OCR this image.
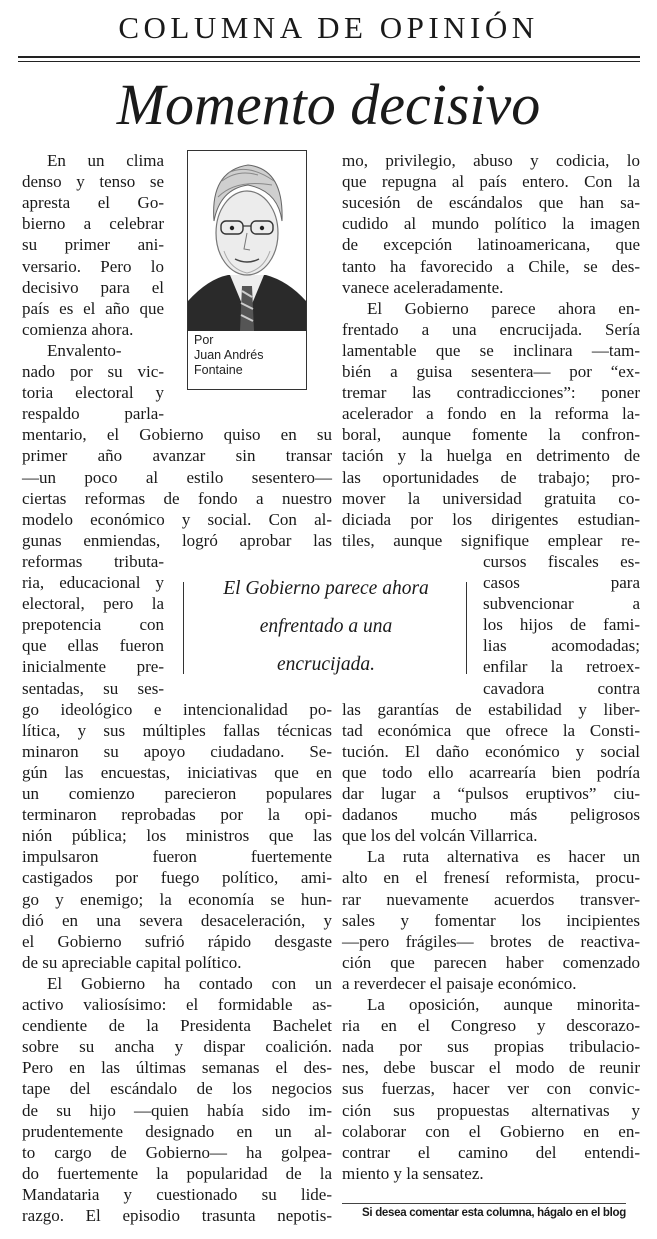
COLUMNA DE OPINIÓN
Momento decisivo
En un clima
denso y tenso se
apresta el Go-
bierno a celebrar
su primer ani-
versario. Pero lo
decisivo para el
país es el año que
comienza ahora.
Envalento-
nado por su vic-
toria electoral y
respaldo parla-
mentario, el Gobierno quiso en su
primer año avanzar sin transar
—un poco al estilo sesentero—
ciertas reformas de fondo a nuestro
modelo económico y social. Con al-
gunas enmiendas, logró aprobar las
reformas tributa-
ria, educacional y
electoral, pero la
prepotencia con
que ellas fueron
inicialmente pre-
sentadas, su ses-
go ideológico e intencionalidad po-
lítica, y sus múltiples fallas técnicas
minaron su apoyo ciudadano. Se-
gún las encuestas, iniciativas que en
un comienzo parecieron populares
terminaron reprobadas por la opi-
nión pública; los ministros que las
impulsaron fueron fuertemente
castigados por fuego político, ami-
go y enemigo; la economía se hun-
dió en una severa desaceleración, y
el Gobierno sufrió rápido desgaste
de su apreciable capital político.
El Gobierno ha contado con un
activo valiosísimo: el formidable as-
cendiente de la Presidenta Bachelet
sobre su ancha y dispar coalición.
Pero en las últimas semanas el des-
tape del escándalo de los negocios
de su hijo —quien había sido im-
prudentemente designado en un al-
to cargo de Gobierno— ha golpea-
do fuertemente la popularidad de la
Mandataria y cuestionado su lide-
razgo. El episodio trasunta nepotis-
mo, privilegio, abuso y codicia, lo
que repugna al país entero. Con la
sucesión de escándalos que han sa-
cudido al mundo político la imagen
de excepción latinoamericana, que
tanto ha favorecido a Chile, se des-
vanece aceleradamente.
El Gobierno parece ahora en-
frentado a una encrucijada. Sería
lamentable que se inclinara —tam-
bién a guisa sesentera— por “ex-
tremar las contradicciones”: poner
acelerador a fondo en la reforma la-
boral, aunque fomente la confron-
tación y la huelga en detrimento de
las oportunidades de trabajo; pro-
mover la universidad gratuita co-
diciada por los dirigentes estudian-
tiles, aunque signifique emplear re-
cursos fiscales es-
casos para
subvencionar a
los hijos de fami-
lias acomodadas;
enfilar la retroex-
cavadora contra
las garantías de estabilidad y liber-
tad económica que ofrece la Consti-
tución. El daño económico y social
que todo ello acarrearía bien podría
dar lugar a “pulsos eruptivos” ciu-
dadanos mucho más peligrosos
que los del volcán Villarrica.
La ruta alternativa es hacer un
alto en el frenesí reformista, procu-
rar nuevamente acuerdos transver-
sales y fomentar los incipientes
—pero frágiles— brotes de reactiva-
ción que parecen haber comenzado
a reverdecer el paisaje económico.
La oposición, aunque minorita-
ria en el Congreso y descorazo-
nada por sus propias tribulacio-
nes, debe buscar el modo de reunir
sus fuerzas, hacer ver con convic-
ción sus propuestas alternativas y
colaborar con el Gobierno en en-
contrar el camino del entendi-
miento y la sensatez.
Por
Juan Andrés
Fontaine
El Gobierno parece ahora
enfrentado a una
encrucijada.
Si desea comentar esta columna, hágalo en el blog
